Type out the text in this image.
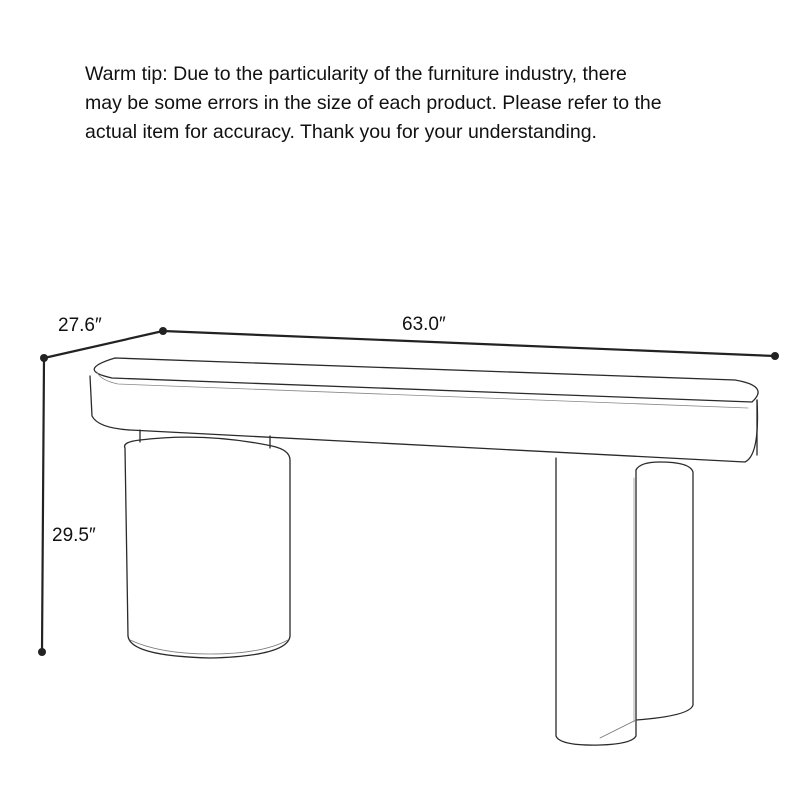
Warm tip: Due to the particularity of the furniture industry, there
may be some errors in the size of each product. Please refer to the
actual item for accuracy. Thank you for your understanding.
27.6″	63.0″
29.5″
